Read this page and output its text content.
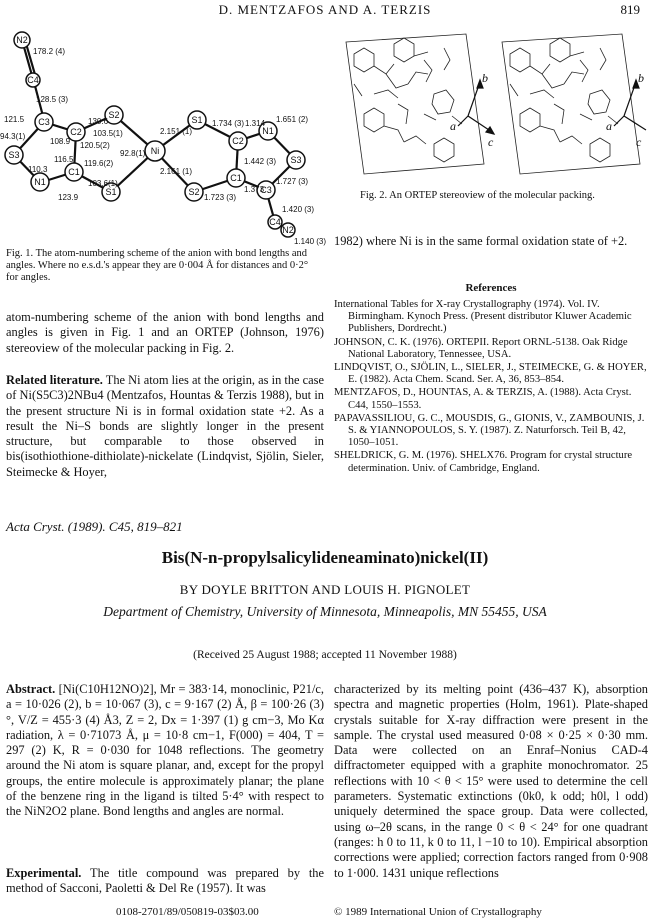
D. MENTZAFOS AND A. TERZIS	819
N2
C4
C3
S3
N1
C1
C2
S2
S1
Ni
S1
S2
C2
C1
S3
N1
C3
C4
N2
178.2 (4)
128.5 (3)
121.5	130.6
120.5(2)
103.5(1)
108.9
94.3(1)
110.3
116.5 119.6(2)
92.8(1)
103.6(1)
123.9
2.151 (1)
2.161 (1)
1.734 (3) 1.314 1.651 (2)
1.442 (3)
1.373
1.723 (3)
1.727 (3)
1.420 (3)
1.140 (3)
Fig. 1. The atom-numbering scheme of the anion with bond lengths and angles. Where no e.s.d.'s appear they are 0·004 Å for distances and 0·2° for angles.
b
a
c
b
a
c
Fig. 2. An ORTEP stereoview of the molecular packing.
atom-numbering scheme of the anion with bond lengths and angles is given in Fig. 1 and an ORTEP (Johnson, 1976) stereoview of the molecular packing in Fig. 2.
Related literature. The Ni atom lies at the origin, as in the case of Ni(S5C3)2NBu4 (Mentzafos, Hountas & Terzis 1988), but in the present structure Ni is in formal oxidation state +2. As a result the Ni–S bonds are slightly longer in the present structure, but comparable to those observed in bis(isothiothione-dithiolate)-nickelate (Lindqvist, Sjölin, Sieler, Steimecke & Hoyer,
1982) where Ni is in the same formal oxidation state of +2.
References
International Tables for X-ray Crystallography (1974). Vol. IV. Birmingham. Kynoch Press. (Present distributor Kluwer Academic Publishers, Dordrecht.)
JOHNSON, C. K. (1976). ORTEPII. Report ORNL-5138. Oak Ridge National Laboratory, Tennessee, USA.
LINDQVIST, O., SJÖLIN, L., SIELER, J., STEIMECKE, G. & HOYER, E. (1982). Acta Chem. Scand. Ser. A, 36, 853–854.
MENTZAFOS, D., HOUNTAS, A. & TERZIS, A. (1988). Acta Cryst. C44, 1550–1553.
PAPAVASSILIOU, G. C., MOUSDIS, G., GIONIS, V., ZAMBOUNIS, J. S. & YIANNOPOULOS, S. Y. (1987). Z. Naturforsch. Teil B, 42, 1050–1051.
SHELDRICK, G. M. (1976). SHELX76. Program for crystal structure determination. Univ. of Cambridge, England.
Acta Cryst. (1989). C45, 819–821
Bis(N-n-propylsalicylideneaminato)nickel(II)
BY DOYLE BRITTON AND LOUIS H. PIGNOLET
Department of Chemistry, University of Minnesota, Minneapolis, MN 55455, USA
(Received 25 August 1988; accepted 11 November 1988)
Abstract. [Ni(C10H12NO)2], Mr = 383·14, monoclinic, P21/c, a = 10·026 (2), b = 10·067 (3), c = 9·167 (2) Å, β = 100·26 (3)°, V/Z = 455·3 (4) Å3, Z = 2, Dx = 1·397 (1) g cm−3, Mo Kα radiation, λ = 0·71073 Å, μ = 10·8 cm−1, F(000) = 404, T = 297 (2) K, R = 0·030 for 1048 reflections. The geometry around the Ni atom is square planar, and, except for the propyl groups, the entire molecule is approximately planar; the plane of the benzene ring in the ligand is tilted 5·4° with respect to the NiN2O2 plane. Bond lengths and angles are normal.
Experimental. The title compound was prepared by the method of Sacconi, Paoletti & Del Re (1957). It was
characterized by its melting point (436–437 K), absorption spectra and magnetic properties (Holm, 1961). Plate-shaped crystals suitable for X-ray diffraction were present in the sample. The crystal used measured 0·08 × 0·25 × 0·30 mm. Data were collected on an Enraf–Nonius CAD-4 diffractometer equipped with a graphite monochromator. 25 reflections with 10 < θ < 15° were used to determine the cell parameters. Systematic extinctions (0k0, k odd; h0l, l odd) uniquely determined the space group. Data were collected, using ω–2θ scans, in the range 0 < θ < 24° for one quadrant (ranges: h 0 to 11, k 0 to 11, l −10 to 10). Empirical absorption corrections were applied; correction factors ranged from 0·908 to 1·000. 1431 unique reflections
0108-2701/89/050819-03$03.00	© 1989 International Union of Crystallography
